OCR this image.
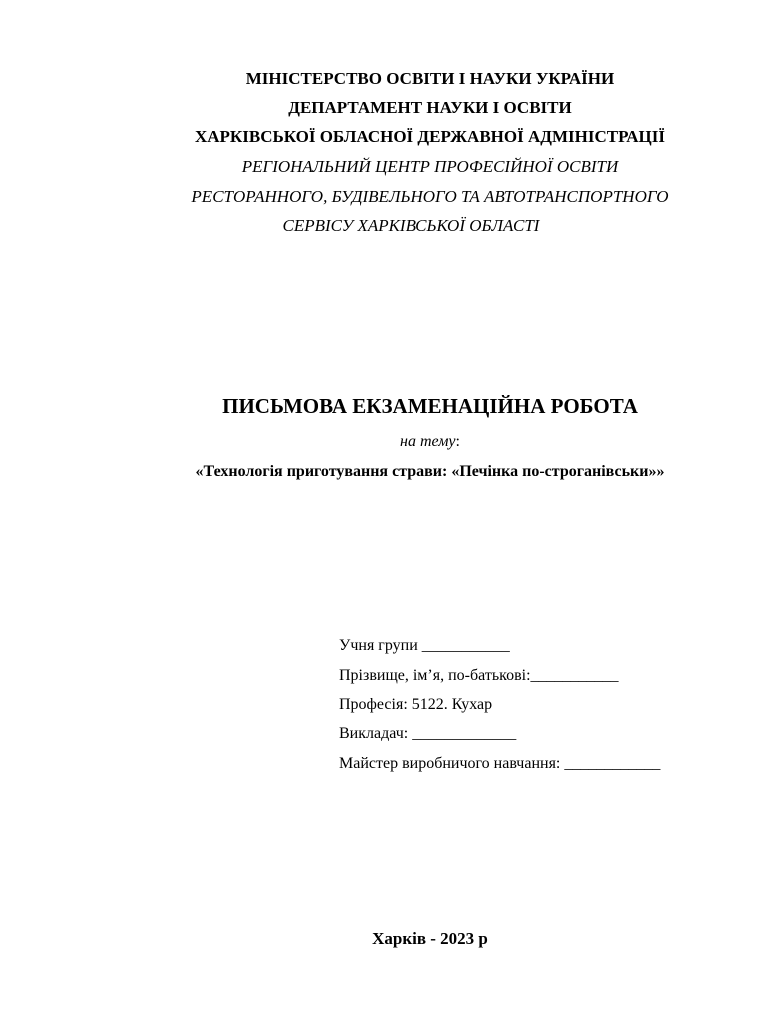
МІНІСТЕРСТВО ОСВІТИ І НАУКИ УКРАЇНИ
ДЕПАРТАМЕНТ НАУКИ І ОСВІТИ
ХАРКІВСЬКОЇ ОБЛАСНОЇ ДЕРЖАВНОЇ АДМІНІСТРАЦІЇ
РЕГІОНАЛЬНИЙ ЦЕНТР ПРОФЕСІЙНОЇ ОСВІТИ
РЕСТОРАННОГО, БУДІВЕЛЬНОГО ТА АВТОТРАНСПОРТНОГО
СЕРВІСУ ХАРКІВСЬКОЇ ОБЛАСТІ
ПИСЬМОВА ЕКЗАМЕНАЦІЙНА РОБОТА
на тему:
«Технологія приготування страви: «Печінка по-строганівськи»»
Учня групи ___________
Прізвище, ім’я, по-батькові:___________
Професія: 5122. Кухар
Викладач: _____________
Майстер виробничого навчання: ____________
Харків - 2023 р
